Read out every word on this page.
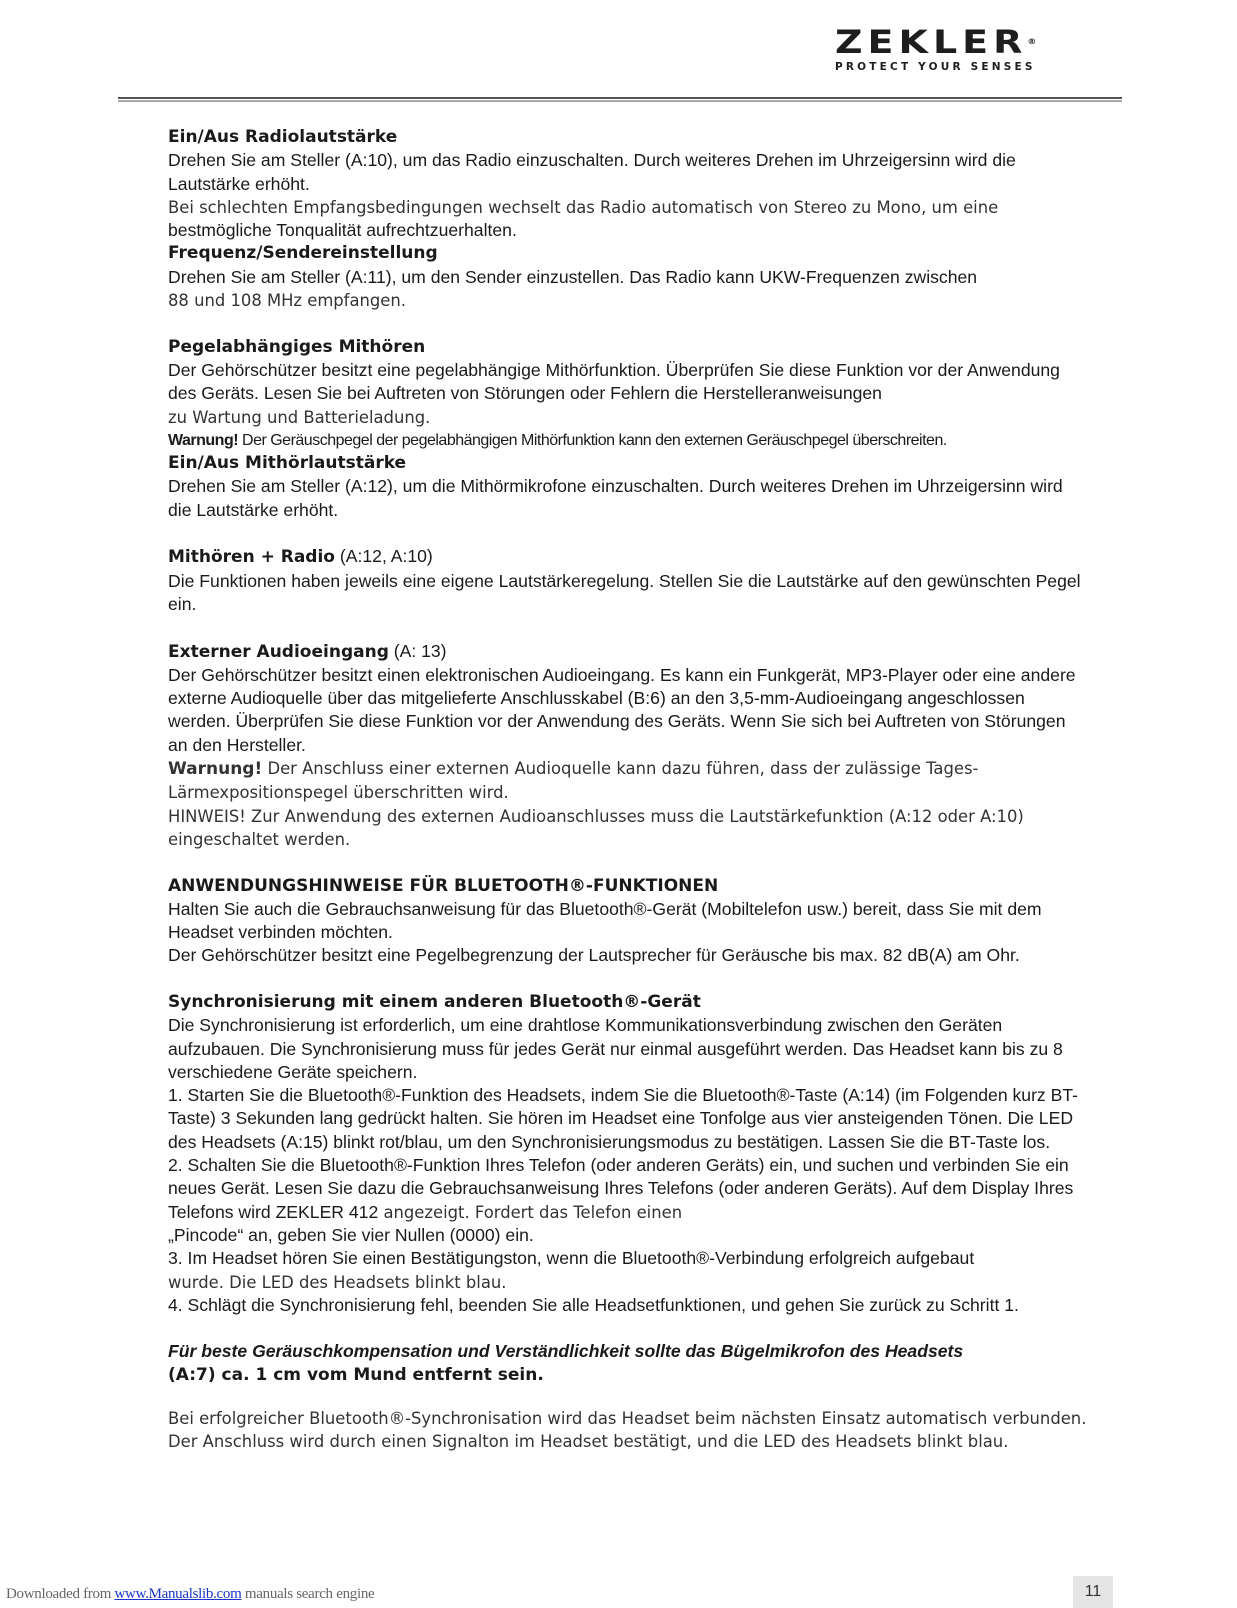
ZEKLER®
PROTECT YOUR SENSES

Ein/Aus Radiolautstärke

Drehen Sie am Steller (A:10), um das Radio einzuschalten. Durch weiteres Drehen im Uhrzeigersinn wird die Lautstärke erhöht.

Bei schlechten Empfangsbedingungen wechselt das Radio automatisch von Stereo zu Mono, um eine

bestmögliche Tonqualität aufrechtzuerhalten.

Frequenz/Sendereinstellung

Drehen Sie am Steller (A:11), um den Sender einzustellen. Das Radio kann UKW-Frequenzen zwischen

88 und 108 MHz empfangen.

Pegelabhängiges Mithören

Der Gehörschützer besitzt eine pegelabhängige Mithörfunktion. Überprüfen Sie diese Funktion vor der Anwendung des Geräts. Lesen Sie bei Auftreten von Störungen oder Fehlern die Herstelleranweisungen

zu Wartung und Batterieladung.

Warnung! Der Geräuschpegel der pegelabhängigen Mithörfunktion kann den externen Geräuschpegel überschreiten.

Ein/Aus Mithörlautstärke

Drehen Sie am Steller (A:12), um die Mithörmikrofone einzuschalten. Durch weiteres Drehen im Uhrzeigersinn wird die Lautstärke erhöht.

Mithören + Radio (A:12, A:10)

Die Funktionen haben jeweils eine eigene Lautstärkeregelung. Stellen Sie die Lautstärke auf den gewünschten Pegel ein.

Externer Audioeingang (A: 13)

Der Gehörschützer besitzt einen elektronischen Audioeingang. Es kann ein Funkgerät, MP3-Player oder eine andere externe Audioquelle über das mitgelieferte Anschlusskabel (B:6) an den 3,5-mm-Audioeingang angeschlossen werden. Überprüfen Sie diese Funktion vor der Anwendung des Geräts. Wenn Sie sich bei Auftreten von Störungen an den Hersteller.

Warnung! Der Anschluss einer externen Audioquelle kann dazu führen, dass der zulässige Tages-Lärmexpositionspegel überschritten wird.

HINWEIS! Zur Anwendung des externen Audioanschlusses muss die Lautstärkefunktion (A:12 oder A:10) eingeschaltet werden.

ANWENDUNGSHINWEISE FÜR BLUETOOTH®-FUNKTIONEN

Halten Sie auch die Gebrauchsanweisung für das Bluetooth®-Gerät (Mobiltelefon usw.) bereit, dass Sie mit dem Headset verbinden möchten.

Der Gehörschützer besitzt eine Pegelbegrenzung der Lautsprecher für Geräusche bis max. 82 dB(A) am Ohr.

Synchronisierung mit einem anderen Bluetooth®-Gerät

Die Synchronisierung ist erforderlich, um eine drahtlose Kommunikationsverbindung zwischen den Geräten aufzubauen. Die Synchronisierung muss für jedes Gerät nur einmal ausgeführt werden. Das Headset kann bis zu 8 verschiedene Geräte speichern.

1. Starten Sie die Bluetooth®-Funktion des Headsets, indem Sie die Bluetooth®-Taste (A:14) (im Folgenden kurz BT-Taste) 3 Sekunden lang gedrückt halten. Sie hören im Headset eine Tonfolge aus vier ansteigenden Tönen. Die LED des Headsets (A:15) blinkt rot/blau, um den Synchronisierungsmodus zu bestätigen. Lassen Sie die BT-Taste los.

2. Schalten Sie die Bluetooth®-Funktion Ihres Telefon (oder anderen Geräts) ein, und suchen und verbinden Sie ein neues Gerät. Lesen Sie dazu die Gebrauchsanweisung Ihres Telefons (oder anderen Geräts). Auf dem Display Ihres Telefons wird ZEKLER 412 angezeigt. Fordert das Telefon einen
„Pincode“ an, geben Sie vier Nullen (0000) ein.

3. Im Headset hören Sie einen Bestätigungston, wenn die Bluetooth®-Verbindung erfolgreich aufgebaut

wurde. Die LED des Headsets blinkt blau.

4. Schlägt die Synchronisierung fehl, beenden Sie alle Headsetfunktionen, und gehen Sie zurück zu Schritt 1.

Für beste Geräuschkompensation und Verständlichkeit sollte das Bügelmikrofon des Headsets

(A:7) ca. 1 cm vom Mund entfernt sein.

Bei erfolgreicher Bluetooth®-Synchronisation wird das Headset beim nächsten Einsatz automatisch verbunden.

Der Anschluss wird durch einen Signalton im Headset bestätigt, und die LED des Headsets blinkt blau.

Downloaded from www.Manualslib.com manuals search engine	11
